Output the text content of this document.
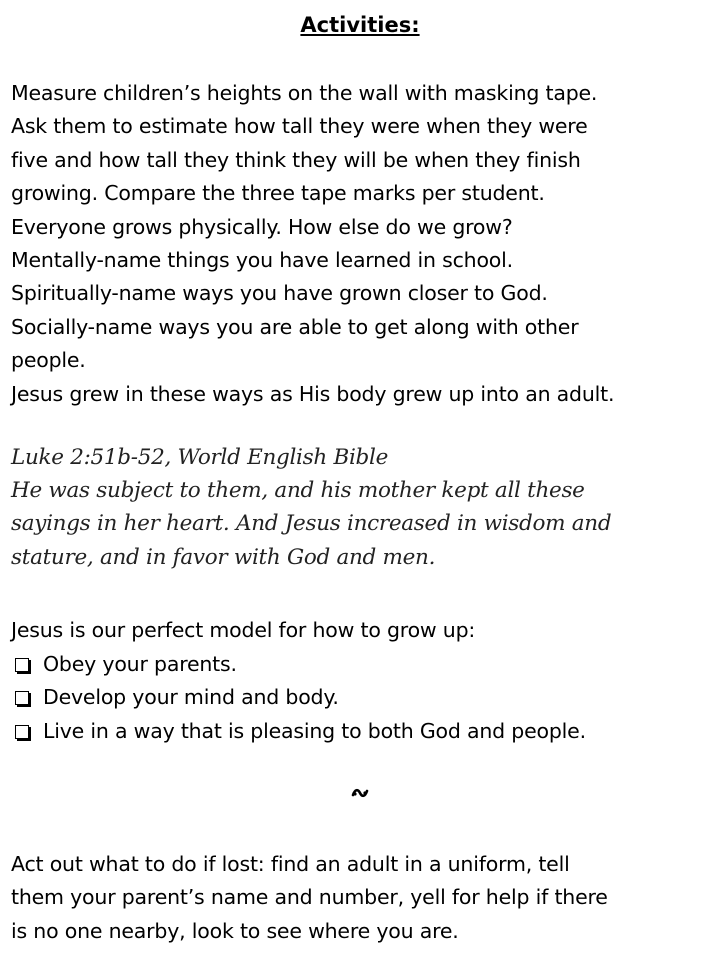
Activities:
Measure children’s heights on the wall with masking tape.
Ask them to estimate how tall they were when they were
five and how tall they think they will be when they finish
growing. Compare the three tape marks per student.
Everyone grows physically. How else do we grow?
Mentally-name things you have learned in school.
Spiritually-name ways you have grown closer to God.
Socially-name ways you are able to get along with other
people.
Jesus grew in these ways as His body grew up into an adult.
Luke 2:51b-52, World English Bible
He was subject to them, and his mother kept all these
sayings in her heart. And Jesus increased in wisdom and
stature, and in favor with God and men.
Jesus is our perfect model for how to grow up:
Obey your parents.
Develop your mind and body.
Live in a way that is pleasing to both God and people.
Act out what to do if lost: find an adult in a uniform, tell
them your parent’s name and number, yell for help if there
is no one nearby, look to see where you are.
